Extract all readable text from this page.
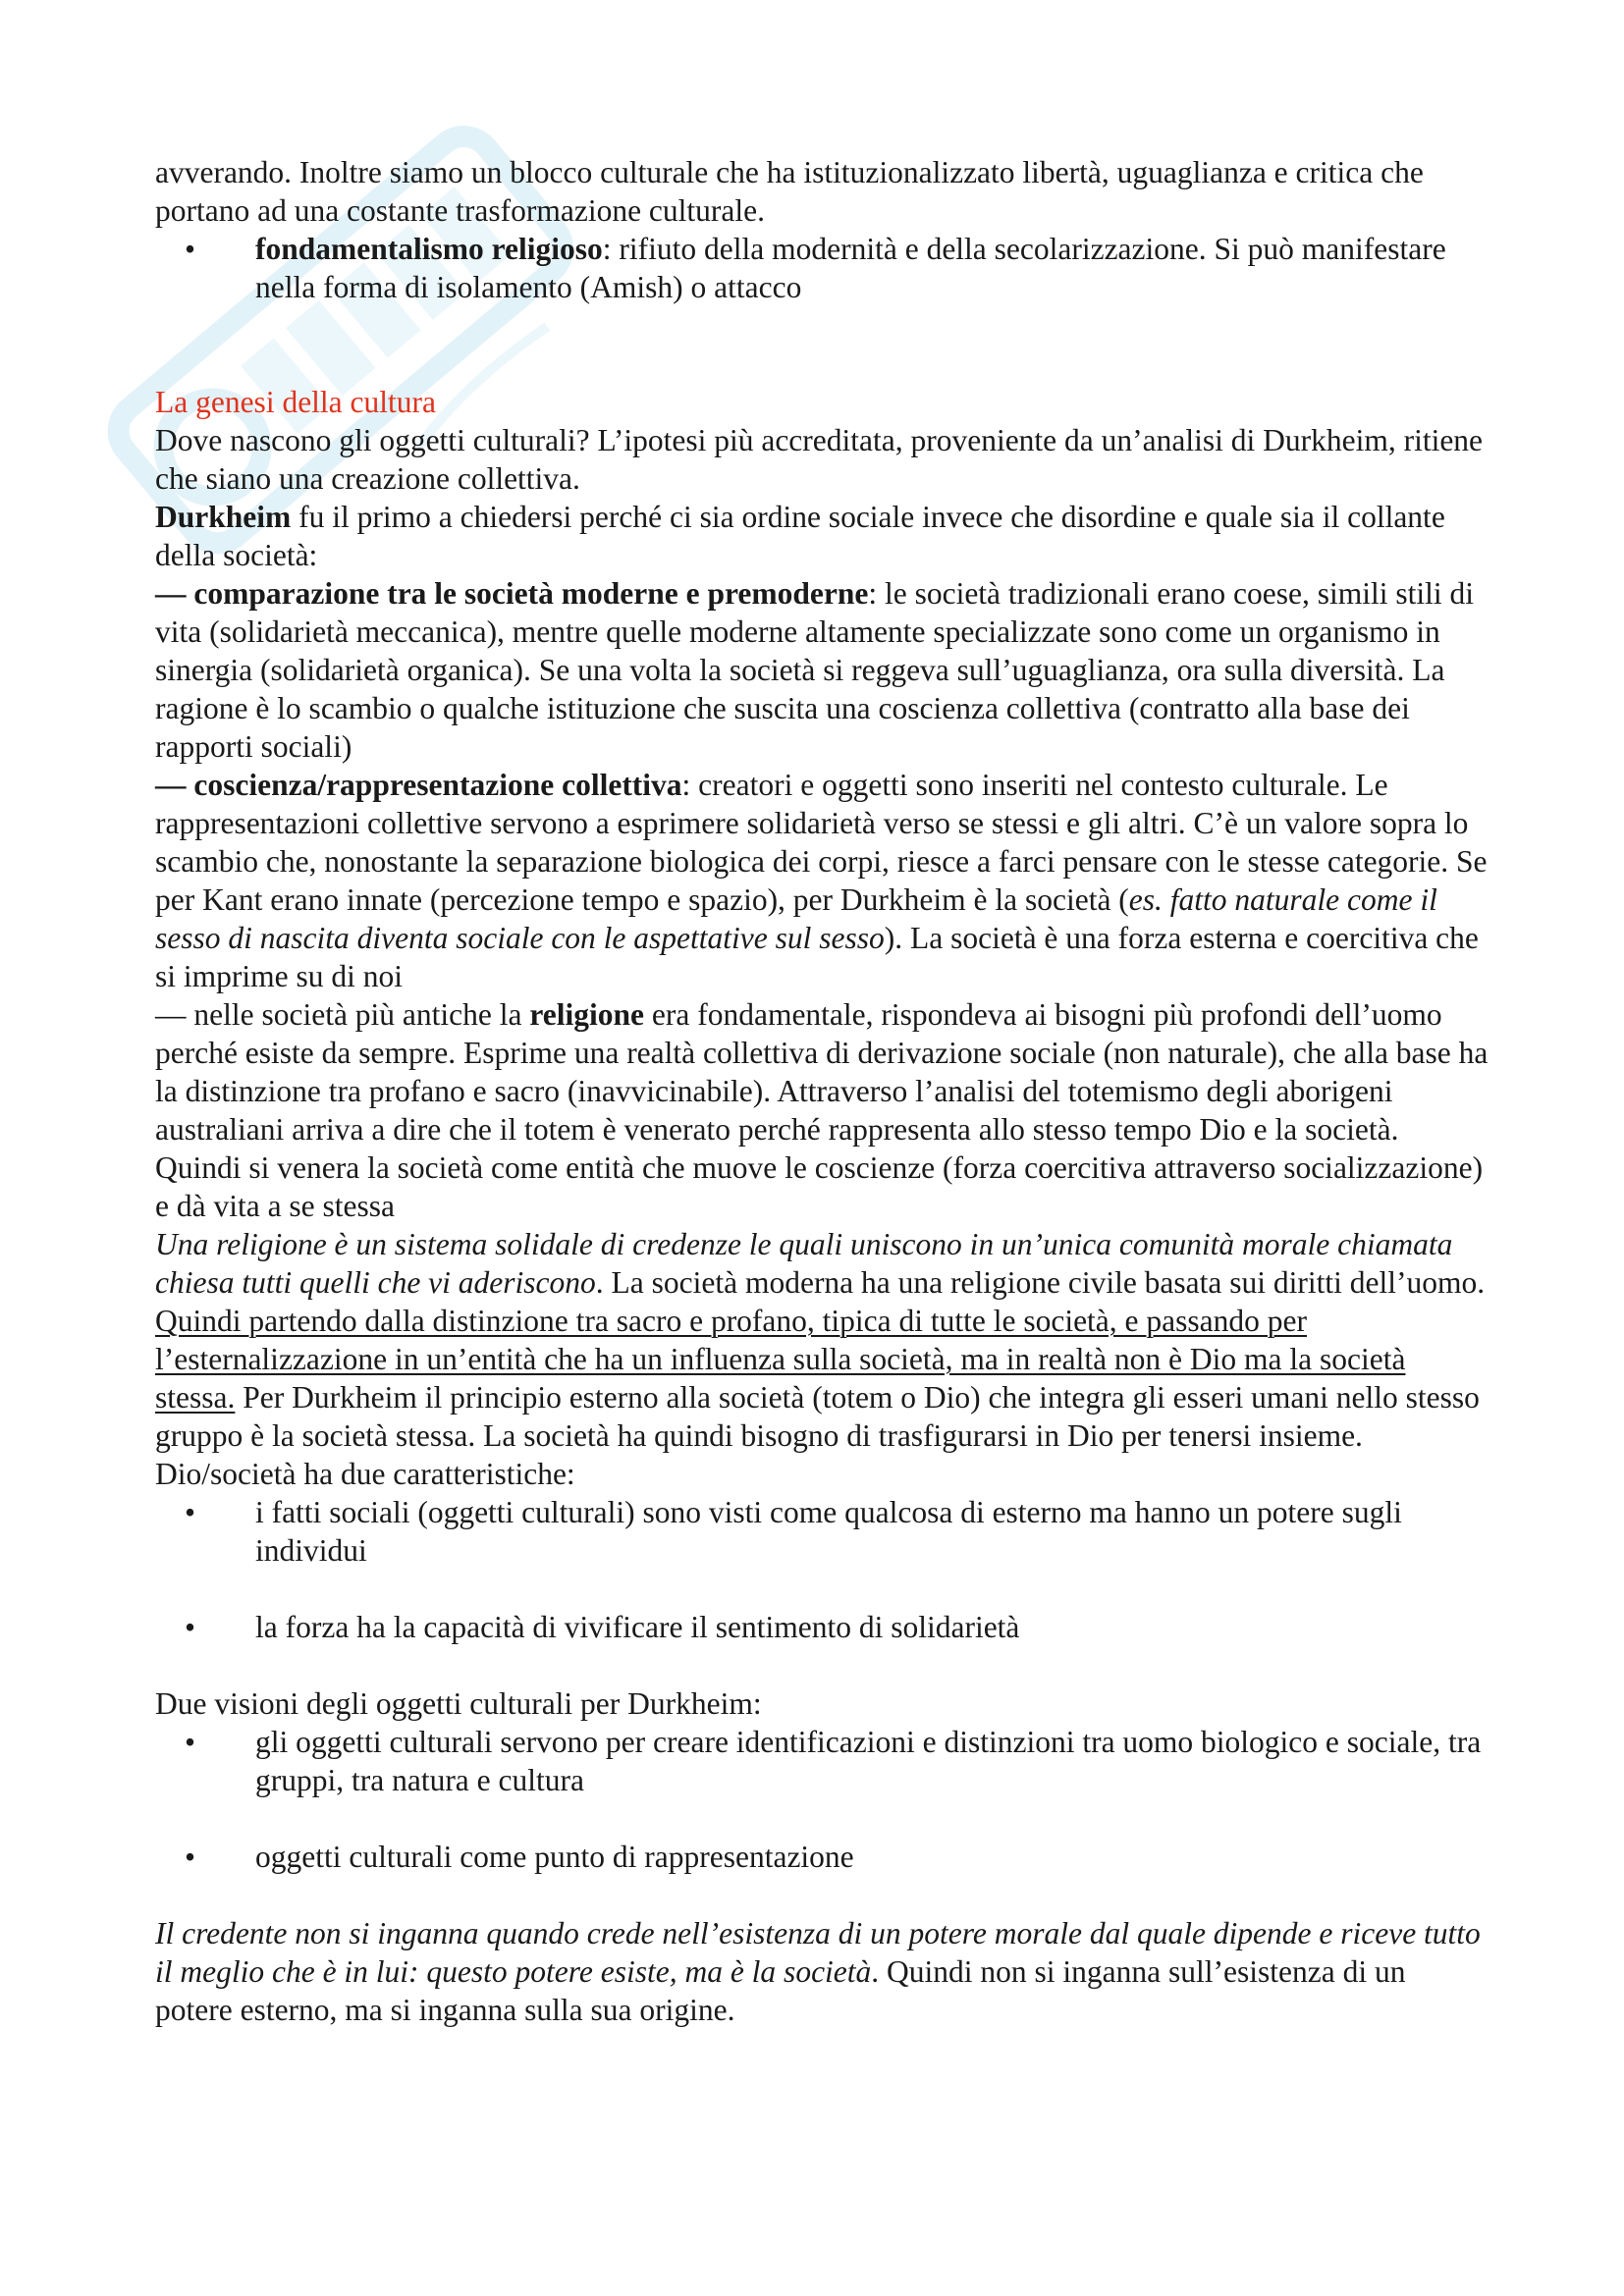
avverando. Inoltre siamo un blocco culturale che ha istituzionalizzato libertà, uguaglianza e critica che portano ad una costante trasformazione culturale.

• fondamentalismo religioso: rifiuto della modernità e della secolarizzazione. Si può manifestare nella forma di isolamento (Amish) o attacco

La genesi della cultura

Dove nascono gli oggetti culturali? L’ipotesi più accreditata, proveniente da un’analisi di Durkheim, ritiene che siano una creazione collettiva.

Durkheim fu il primo a chiedersi perché ci sia ordine sociale invece che disordine e quale sia il collante della società:

— comparazione tra le società moderne e premoderne: le società tradizionali erano coese, simili stili di vita (solidarietà meccanica), mentre quelle moderne altamente specializzate sono come un organismo in sinergia (solidarietà organica). Se una volta la società si reggeva sull’uguaglianza, ora sulla diversità. La ragione è lo scambio o qualche istituzione che suscita una coscienza collettiva (contratto alla base dei rapporti sociali)

— coscienza/rappresentazione collettiva: creatori e oggetti sono inseriti nel contesto culturale. Le rappresentazioni collettive servono a esprimere solidarietà verso se stessi e gli altri. C’è un valore sopra lo scambio che, nonostante la separazione biologica dei corpi, riesce a farci pensare con le stesse categorie. Se per Kant erano innate (percezione tempo e spazio), per Durkheim è la società (es. fatto naturale come il sesso di nascita diventa sociale con le aspettative sul sesso). La società è una forza esterna e coercitiva che si imprime su di noi

— nelle società più antiche la religione era fondamentale, rispondeva ai bisogni più profondi dell’uomo perché esiste da sempre. Esprime una realtà collettiva di derivazione sociale (non naturale), che alla base ha la distinzione tra profano e sacro (inavvicinabile). Attraverso l’analisi del totemismo degli aborigeni australiani arriva a dire che il totem è venerato perché rappresenta allo stesso tempo Dio e la società. Quindi si venera la società come entità che muove le coscienze (forza coercitiva attraverso socializzazione) e dà vita a se stessa

Una religione è un sistema solidale di credenze le quali uniscono in un’unica comunità morale chiamata chiesa tutti quelli che vi aderiscono. La società moderna ha una religione civile basata sui diritti dell’uomo.

Quindi partendo dalla distinzione tra sacro e profano, tipica di tutte le società, e passando per l’esternalizzazione in un’entità che ha un influenza sulla società, ma in realtà non è Dio ma la società stessa. Per Durkheim il principio esterno alla società (totem o Dio) che integra gli esseri umani nello stesso gruppo è la società stessa. La società ha quindi bisogno di trasfigurarsi in Dio per tenersi insieme. Dio/società ha due caratteristiche:

• i fatti sociali (oggetti culturali) sono visti come qualcosa di esterno ma hanno un potere sugli individui
• la forza ha la capacità di vivificare il sentimento di solidarietà

Due visioni degli oggetti culturali per Durkheim:

• gli oggetti culturali servono per creare identificazioni e distinzioni tra uomo biologico e sociale, tra gruppi, tra natura e cultura
• oggetti culturali come punto di rappresentazione

Il credente non si inganna quando crede nell’esistenza di un potere morale dal quale dipende e riceve tutto il meglio che è in lui: questo potere esiste, ma è la società. Quindi non si inganna sull’esistenza di un potere esterno, ma si inganna sulla sua origine.
